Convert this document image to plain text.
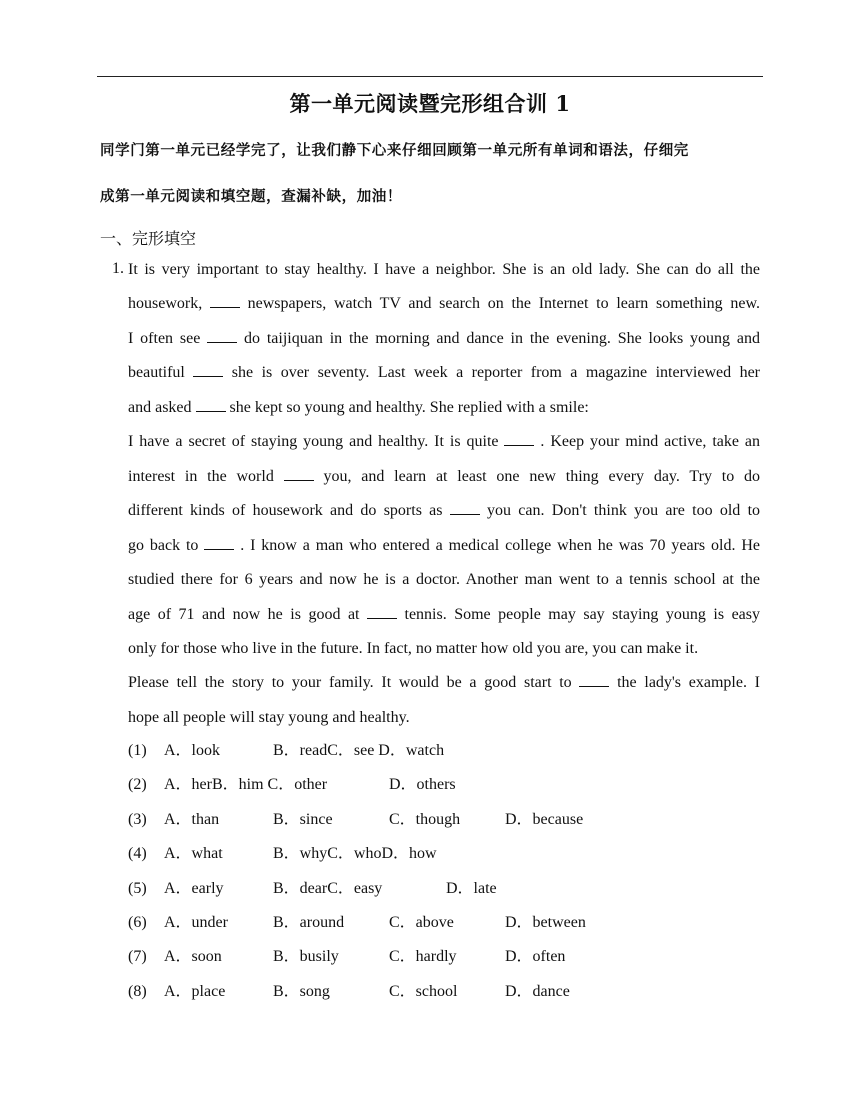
第一单元阅读暨完形组合训 1
同学门第一单元已经学完了，让我们静下心来仔细回顾第一单元所有单词和语法，仔细完
成第一单元阅读和填空题，查漏补缺，加油！
一、完形填空
1. It is very important to stay healthy. I have a neighbor. She is an old lady. She can do all the
housework,  newspapers, watch TV and search on the Internet to learn something new.
I often see  do taijiquan in the morning and dance in the evening. She looks young and
beautiful  she is over seventy. Last week a reporter from a magazine interviewed her
and asked  she kept so young and healthy. She replied with a smile:
I have a secret of staying young and healthy. It is quite  . Keep your mind active, take an
interest in the world  you, and learn at least one new thing every day. Try to do
different kinds of housework and do sports as  you can. Don't think you are too old to
go back to  . I know a man who entered a medical college when he was 70 years old. He
studied there for 6 years and now he is a doctor. Another man went to a tennis school at the
age of 71 and now he is good at  tennis. Some people may say staying young is easy
only for those who live in the future. In fact, no matter how old you are, you can make it.
Please tell the story to your family. It would be a good start to  the lady's example. I
hope all people will stay young and healthy.
(1) A．look	B．readC．see D．watch
(2) A．herB．him C．other	D．others
(3) A．than	B．since	C．though	D．because
(4) A．what	B．whyC．whoD．how
(5) A．early	B．dearC．easy	D．late
(6) A．under	B．around	C．above	D．between
(7) A．soon	B．busily	C．hardly	D．often
(8) A．place	B．song	C．school	D．dance
